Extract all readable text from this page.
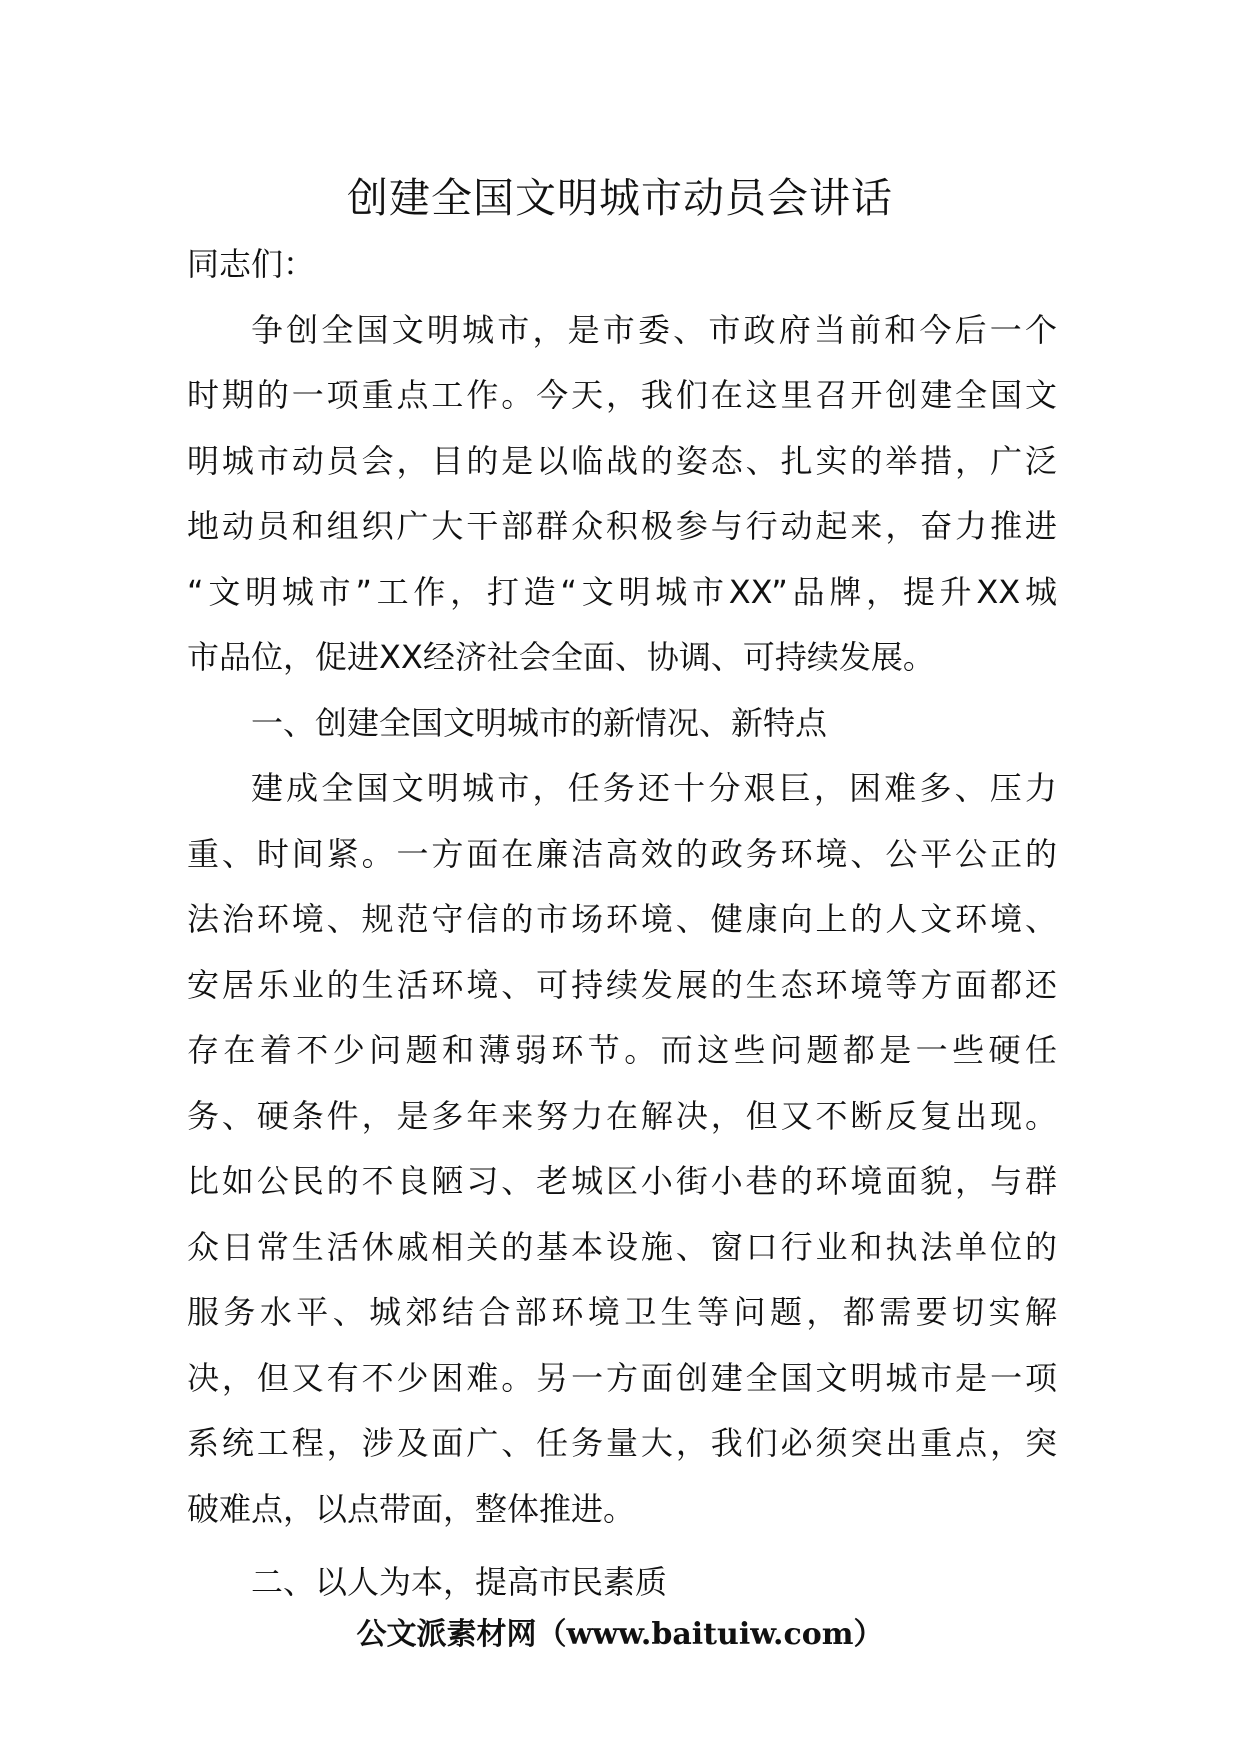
创建全国文明城市动员会讲话
同志们：
争创全国文明城市，是市委、市政府当前和今后一个
时期的一项重点工作。今天，我们在这里召开创建全国文
明城市动员会，目的是以临战的姿态、扎实的举措，广泛
地动员和组织广大干部群众积极参与行动起来，奋力推进
“文明城市”工作，打造“文明城市XX”品牌，提升XX城
市品位，促进XX经济社会全面、协调、可持续发展。
一、创建全国文明城市的新情况、新特点
建成全国文明城市，任务还十分艰巨，困难多、压力
重、时间紧。一方面在廉洁高效的政务环境、公平公正的
法治环境、规范守信的市场环境、健康向上的人文环境、
安居乐业的生活环境、可持续发展的生态环境等方面都还
存在着不少问题和薄弱环节。而这些问题都是一些硬任
务、硬条件，是多年来努力在解决，但又不断反复出现。
比如公民的不良陋习、老城区小街小巷的环境面貌，与群
众日常生活休戚相关的基本设施、窗口行业和执法单位的
服务水平、城郊结合部环境卫生等问题，都需要切实解
决，但又有不少困难。另一方面创建全国文明城市是一项
系统工程，涉及面广、任务量大，我们必须突出重点，突
破难点，以点带面，整体推进。
二、以人为本，提高市民素质
公文派素材网（www.baituiw.com）
